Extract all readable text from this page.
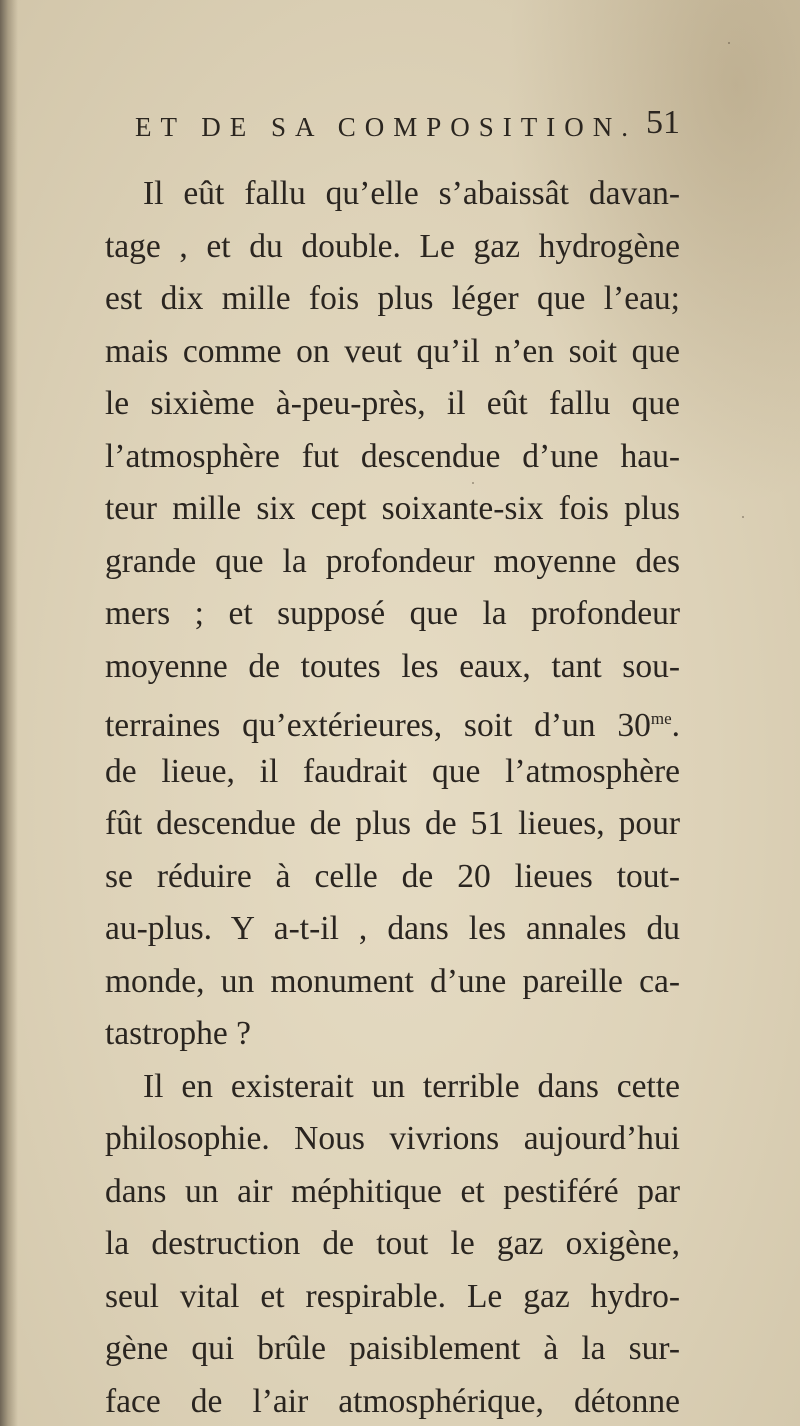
ET DE SA COMPOSITION. 51
Il eût fallu qu’elle s’abaissât davan-
tage , et du double. Le gaz hydrogène
est dix mille fois plus léger que l’eau;
mais comme on veut qu’il n’en soit que
le sixième à-peu-près, il eût fallu que
l’atmosphère fut descendue d’une hau-
teur mille six cept soixante-six fois plus
grande que la profondeur moyenne des
mers ; et supposé que la profondeur
moyenne de toutes les eaux, tant sou-
terraines qu’extérieures, soit d’un $30^{me}$.
de lieue, il faudrait que l’atmosphère
fût descendue de plus de 51 lieues, pour
se réduire à celle de 20 lieues tout-
au-plus. Y a-t-il , dans les annales du
monde, un monument d’une pareille ca-
tastrophe ?
Il en existerait un terrible dans cette
philosophie. Nous vivrions aujourd’hui
dans un air méphitique et pestiféré par
la destruction de tout le gaz oxigène,
seul vital et respirable. Le gaz hydro-
gène qui brûle paisiblement à la sur-
face de l’air atmosphérique, détonne
